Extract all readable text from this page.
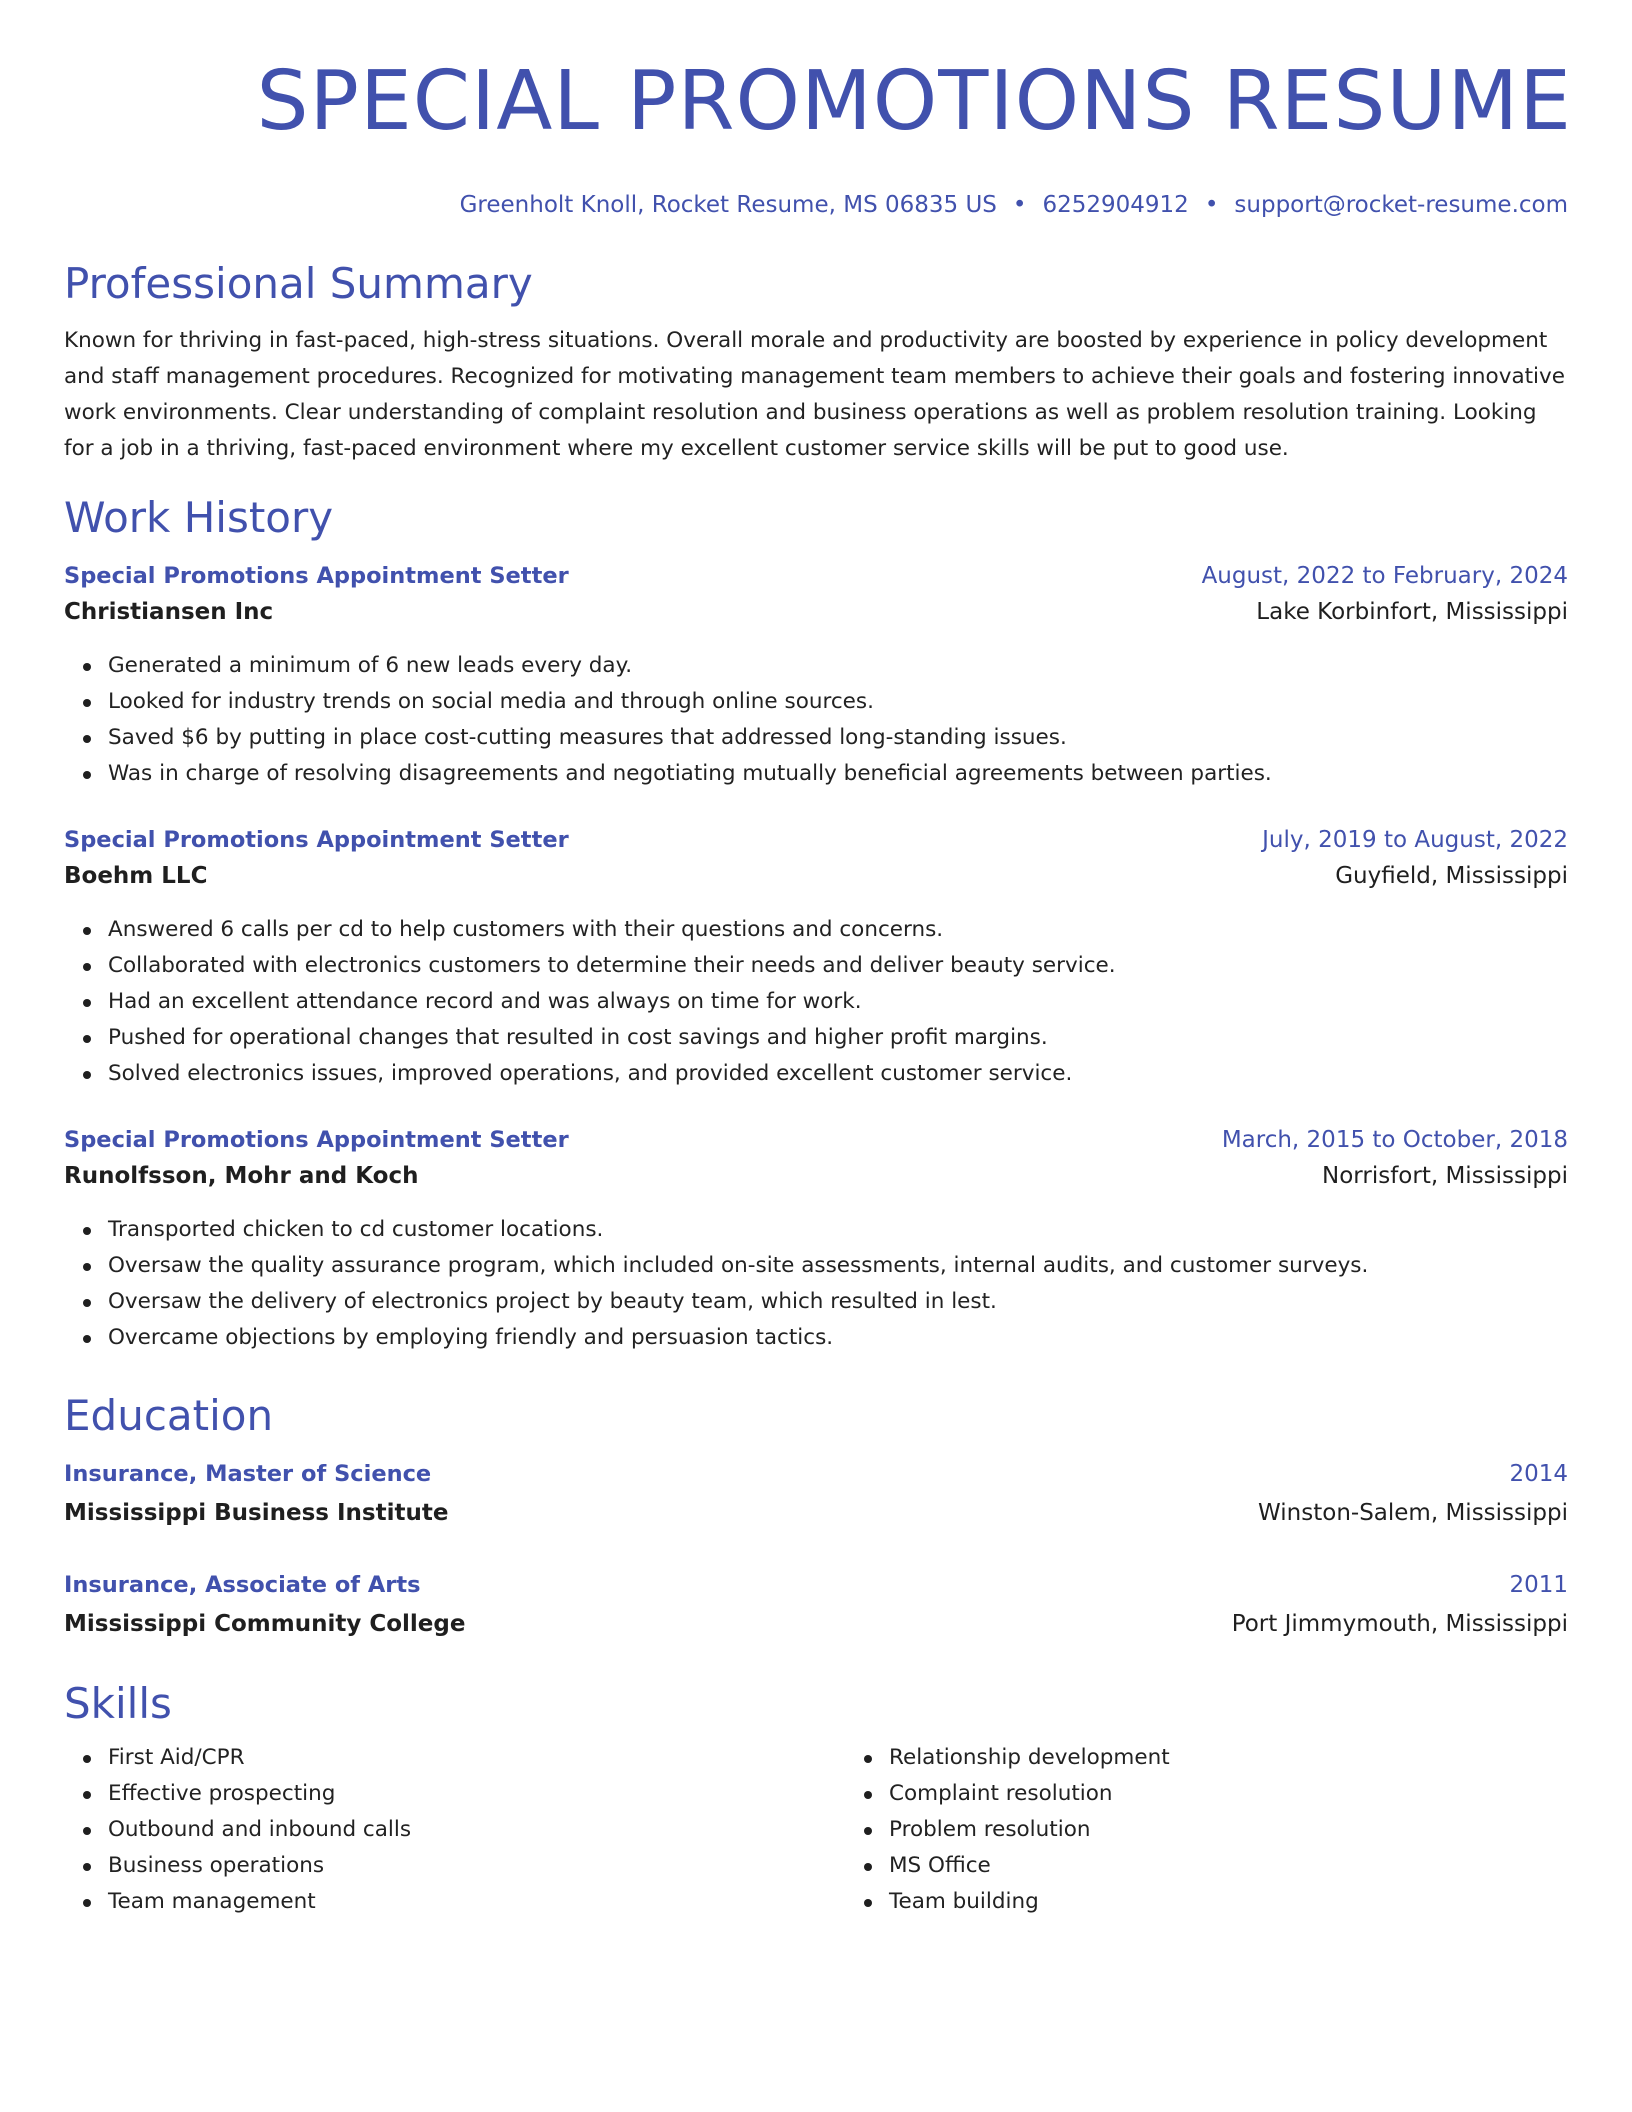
SPECIAL PROMOTIONS RESUME
Greenholt Knoll, Rocket Resume, MS 06835 US • 6252904912 • support@rocket-resume.com
Professional Summary
Known for thriving in fast-paced, high-stress situations. Overall morale and productivity are boosted by experience in policy development and staff management procedures. Recognized for motivating management team members to achieve their goals and fostering innovative work environments. Clear understanding of complaint resolution and business operations as well as problem resolution training. Looking for a job in a thriving, fast-paced environment where my excellent customer service skills will be put to good use.
Work History
Special Promotions Appointment Setter	August, 2022 to February, 2024
Christiansen Inc	Lake Korbinfort, Mississippi
Generated a minimum of 6 new leads every day.
Looked for industry trends on social media and through online sources.
Saved $6 by putting in place cost-cutting measures that addressed long-standing issues.
Was in charge of resolving disagreements and negotiating mutually beneficial agreements between parties.
Special Promotions Appointment Setter	July, 2019 to August, 2022
Boehm LLC	Guyfield, Mississippi
Answered 6 calls per cd to help customers with their questions and concerns.
Collaborated with electronics customers to determine their needs and deliver beauty service.
Had an excellent attendance record and was always on time for work.
Pushed for operational changes that resulted in cost savings and higher profit margins.
Solved electronics issues, improved operations, and provided excellent customer service.
Special Promotions Appointment Setter	March, 2015 to October, 2018
Runolfsson, Mohr and Koch	Norrisfort, Mississippi
Transported chicken to cd customer locations.
Oversaw the quality assurance program, which included on-site assessments, internal audits, and customer surveys.
Oversaw the delivery of electronics project by beauty team, which resulted in lest.
Overcame objections by employing friendly and persuasion tactics.
Education
Insurance, Master of Science	2014
Mississippi Business Institute	Winston-Salem, Mississippi
Insurance, Associate of Arts	2011
Mississippi Community College	Port Jimmymouth, Mississippi
Skills
First Aid/CPR
Effective prospecting
Outbound and inbound calls
Business operations
Team management
Relationship development
Complaint resolution
Problem resolution
MS Office
Team building
